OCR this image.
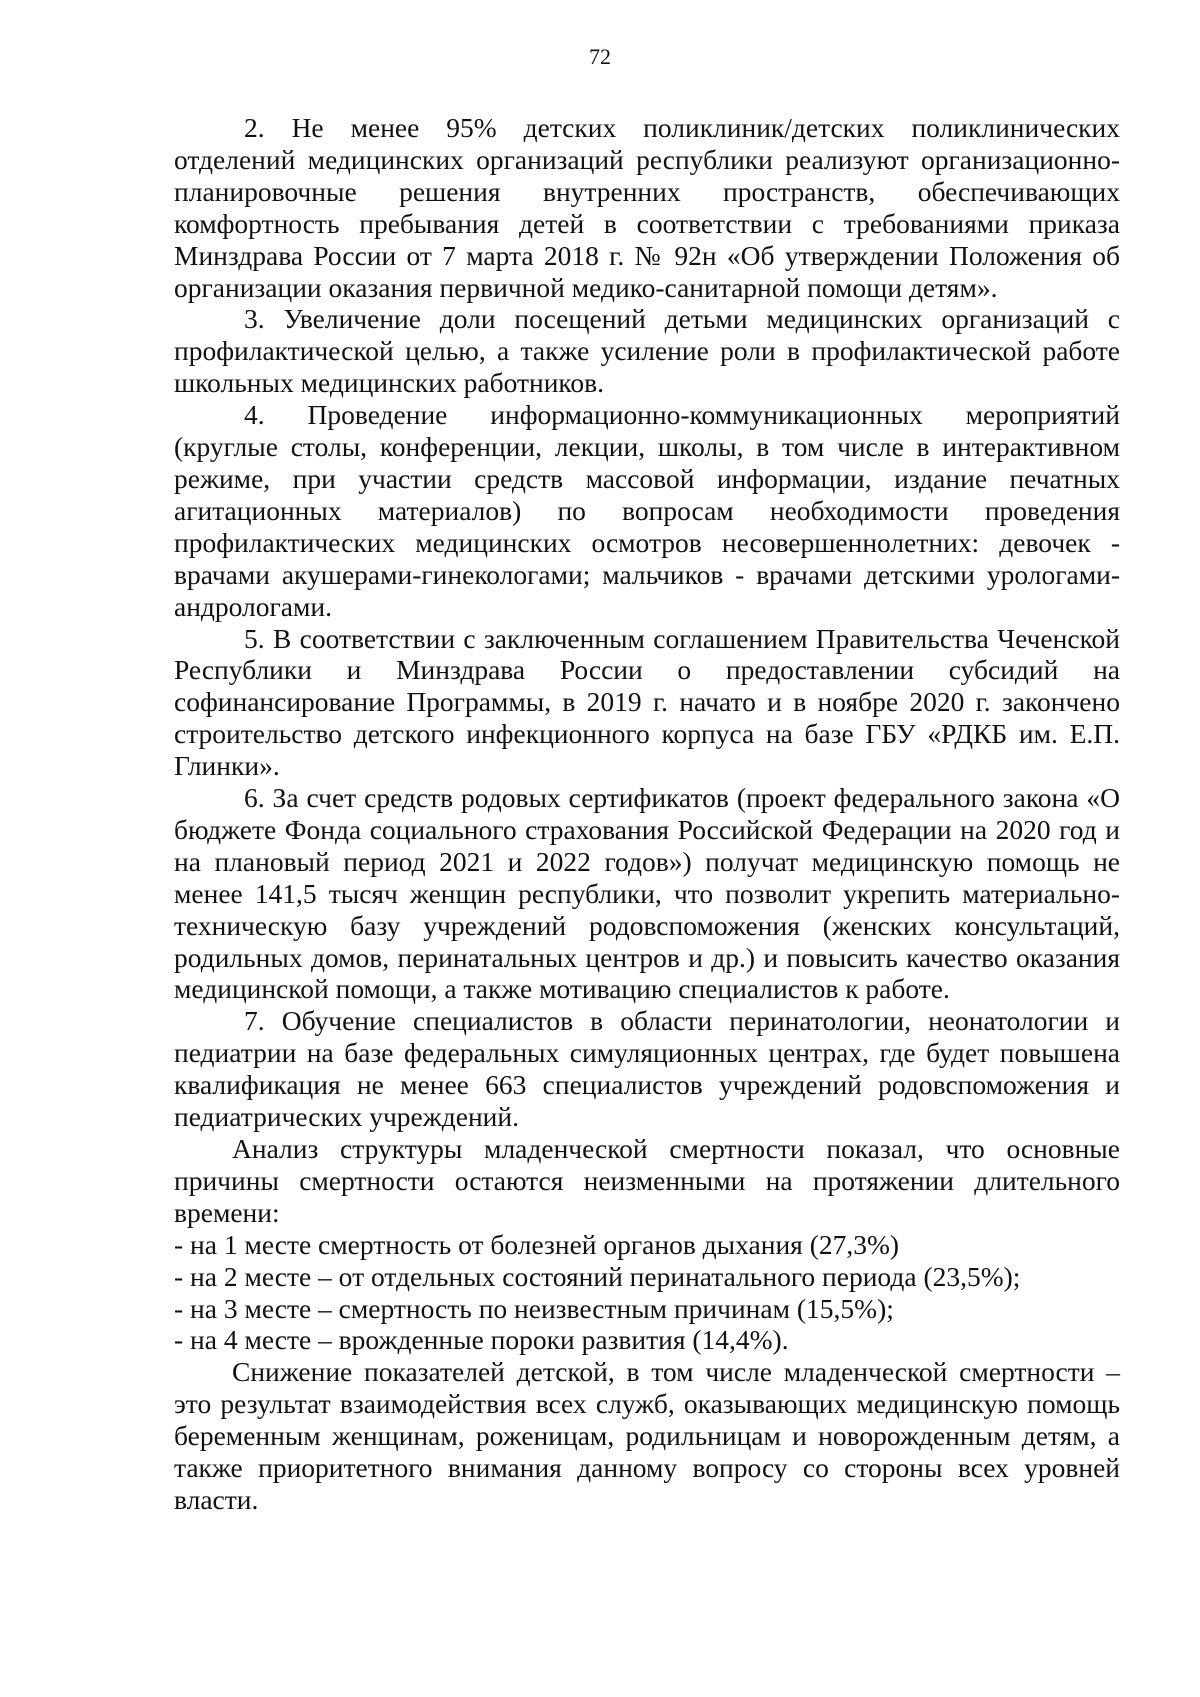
72

2. Не менее 95% детских поликлиник/детских поликлинических отделений медицинских организаций республики реализуют организационно-планировочные решения внутренних пространств, обеспечивающих комфортность пребывания детей в соответствии с требованиями приказа Минздрава России от 7 марта 2018 г. № 92н «Об утверждении Положения об организации оказания первичной медико-санитарной помощи детям».

3. Увеличение доли посещений детьми медицинских организаций с профилактической целью, а также усиление роли в профилактической работе школьных медицинских работников.

4. Проведение информационно-коммуникационных мероприятий (круглые столы, конференции, лекции, школы, в том числе в интерактивном режиме, при участии средств массовой информации, издание печатных агитационных материалов) по вопросам необходимости проведения профилактических медицинских осмотров несовершеннолетних: девочек - врачами акушерами-гинекологами; мальчиков - врачами детскими урологами-андрологами.

5. В соответствии с заключенным соглашением Правительства Чеченской Республики и Минздрава России о предоставлении субсидий на софинансирование Программы, в 2019 г. начато и в ноябре 2020 г. закончено строительство детского инфекционного корпуса на базе ГБУ «РДКБ им. Е.П. Глинки».

6. За счет средств родовых сертификатов (проект федерального закона «О бюджете Фонда социального страхования Российской Федерации на 2020 год и на плановый период 2021 и 2022 годов») получат медицинскую помощь не менее 141,5 тысяч женщин республики, что позволит укрепить материально-техническую базу учреждений родовспоможения (женских консультаций, родильных домов, перинатальных центров и др.) и повысить качество оказания медицинской помощи, а также мотивацию специалистов к работе.

7. Обучение специалистов в области перинатологии, неонатологии и педиатрии на базе федеральных симуляционных центрах, где будет повышена квалификация не менее 663 специалистов учреждений родовспоможения и педиатрических учреждений.

Анализ структуры младенческой смертности показал, что основные причины смертности остаются неизменными на протяжении длительного времени:

- на 1 месте смертность от болезней органов дыхания (27,3%)

- на 2 месте – от отдельных состояний перинатального периода (23,5%);

- на 3 месте – смертность по неизвестным причинам (15,5%);

- на 4 месте – врожденные пороки развития (14,4%).

Снижение показателей детской, в том числе младенческой смертности – это результат взаимодействия всех служб, оказывающих медицинскую помощь беременным женщинам, роженицам, родильницам и новорожденным детям, а также приоритетного внимания данному вопросу со стороны всех уровней власти.
